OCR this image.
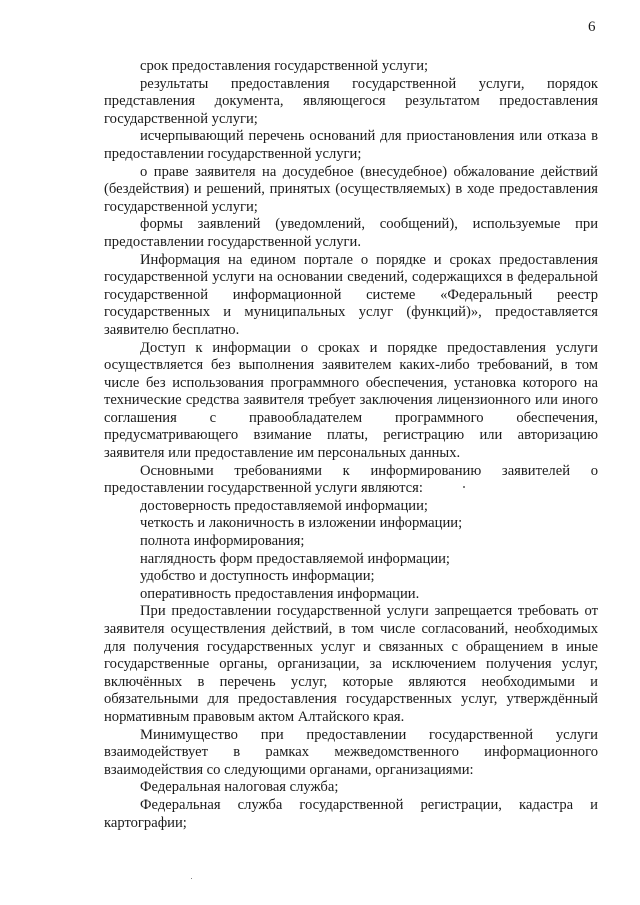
6

срок предоставления государственной услуги;

результаты предоставления государственной услуги, порядок представления документа, являющегося результатом предоставления государственной услуги;

исчерпывающий перечень оснований для приостановления или отказа в предоставлении государственной услуги;

о праве заявителя на досудебное (внесудебное) обжалование действий (бездействия) и решений, принятых (осуществляемых) в ходе предоставления государственной услуги;

формы заявлений (уведомлений, сообщений), используемые при предоставлении государственной услуги.

Информация на едином портале о порядке и сроках предоставления государственной услуги на основании сведений, содержащихся в федеральной государственной информационной системе «Федеральный реестр государственных и муниципальных услуг (функций)», предоставляется заявителю бесплатно.

Доступ к информации о сроках и порядке предоставления услуги осуществляется без выполнения заявителем каких-либо требований, в том числе без использования программного обеспечения, установка которого на технические средства заявителя требует заключения лицензионного или иного соглашения с правообладателем программного обеспечения, предусматривающего взимание платы, регистрацию или авторизацию заявителя или предоставление им персональных данных.

Основными требованиями к информированию заявителей о предоставлении государственной услуги являются:

достоверность предоставляемой информации;

четкость и лаконичность в изложении информации;

полнота информирования;

наглядность форм предоставляемой информации;

удобство и доступность информации;

оперативность предоставления информации.

При предоставлении государственной услуги запрещается требовать от заявителя осуществления действий, в том числе согласований, необходимых для получения государственных услуг и связанных с обращением в иные государственные органы, организации, за исключением получения услуг, включённых в перечень услуг, которые являются необходимыми и обязательными для предоставления государственных услуг, утверждённый нормативным правовым актом Алтайского края.

Минимущество при предоставлении государственной услуги взаимодействует в рамках межведомственного информационного взаимодействия со следующими органами, организациями:

Федеральная налоговая служба;

Федеральная служба государственной регистрации, кадастра и картографии;
